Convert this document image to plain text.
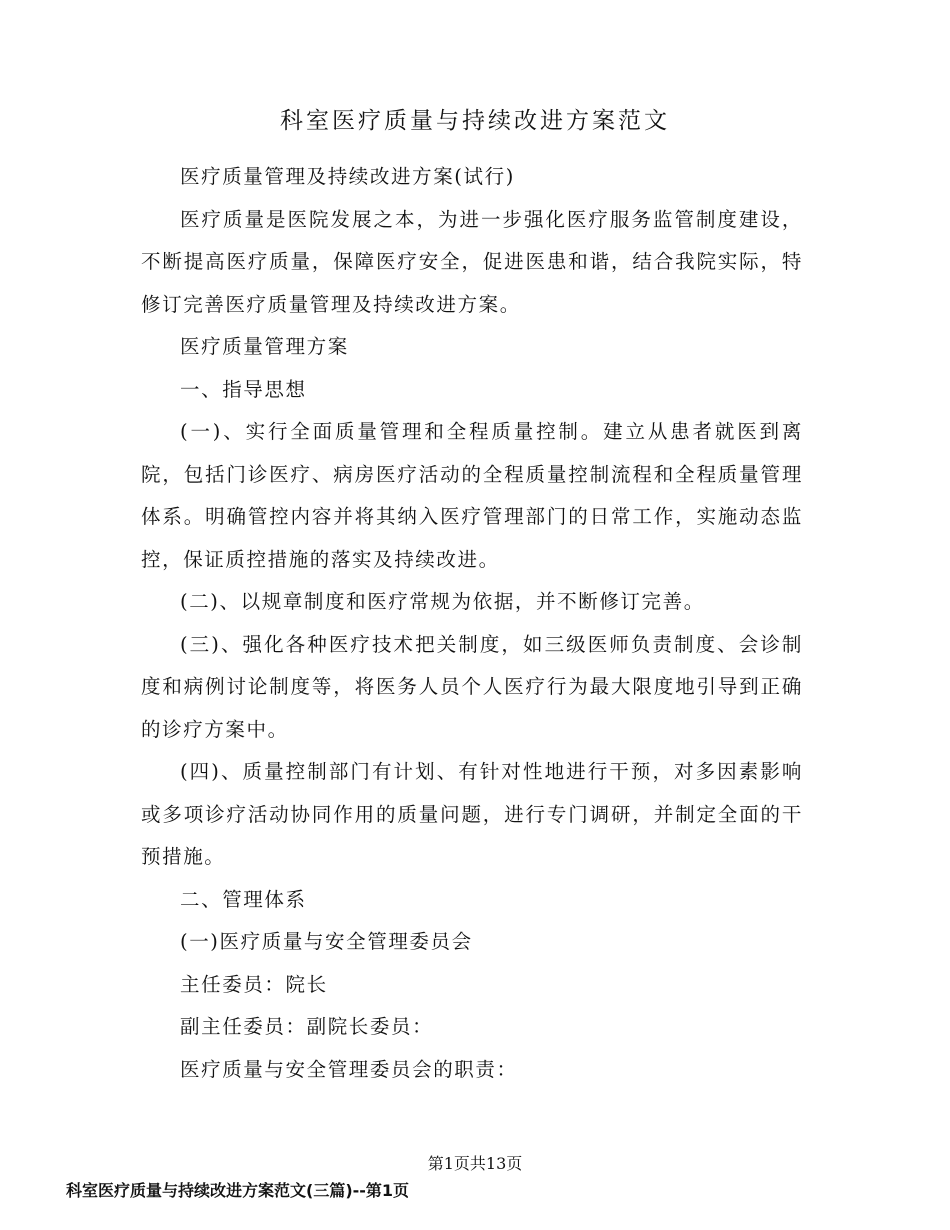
科室医疗质量与持续改进方案范文

医疗质量管理及持续改进方案(试行)

医疗质量是医院发展之本，为进一步强化医疗服务监管制度建设，不断提高医疗质量，保障医疗安全，促进医患和谐，结合我院实际，特修订完善医疗质量管理及持续改进方案。

医疗质量管理方案

一、指导思想

(一)、实行全面质量管理和全程质量控制。建立从患者就医到离院，包括门诊医疗、病房医疗活动的全程质量控制流程和全程质量管理体系。明确管控内容并将其纳入医疗管理部门的日常工作，实施动态监控，保证质控措施的落实及持续改进。

(二)、以规章制度和医疗常规为依据，并不断修订完善。

(三)、强化各种医疗技术把关制度，如三级医师负责制度、会诊制度和病例讨论制度等，将医务人员个人医疗行为最大限度地引导到正确的诊疗方案中。

(四)、质量控制部门有计划、有针对性地进行干预，对多因素影响或多项诊疗活动协同作用的质量问题，进行专门调研，并制定全面的干预措施。

二、管理体系

(一)医疗质量与安全管理委员会

主任委员：院长

副主任委员：副院长委员：

医疗质量与安全管理委员会的职责：

第1页共13页
科室医疗质量与持续改进方案范文(三篇)--第1页
